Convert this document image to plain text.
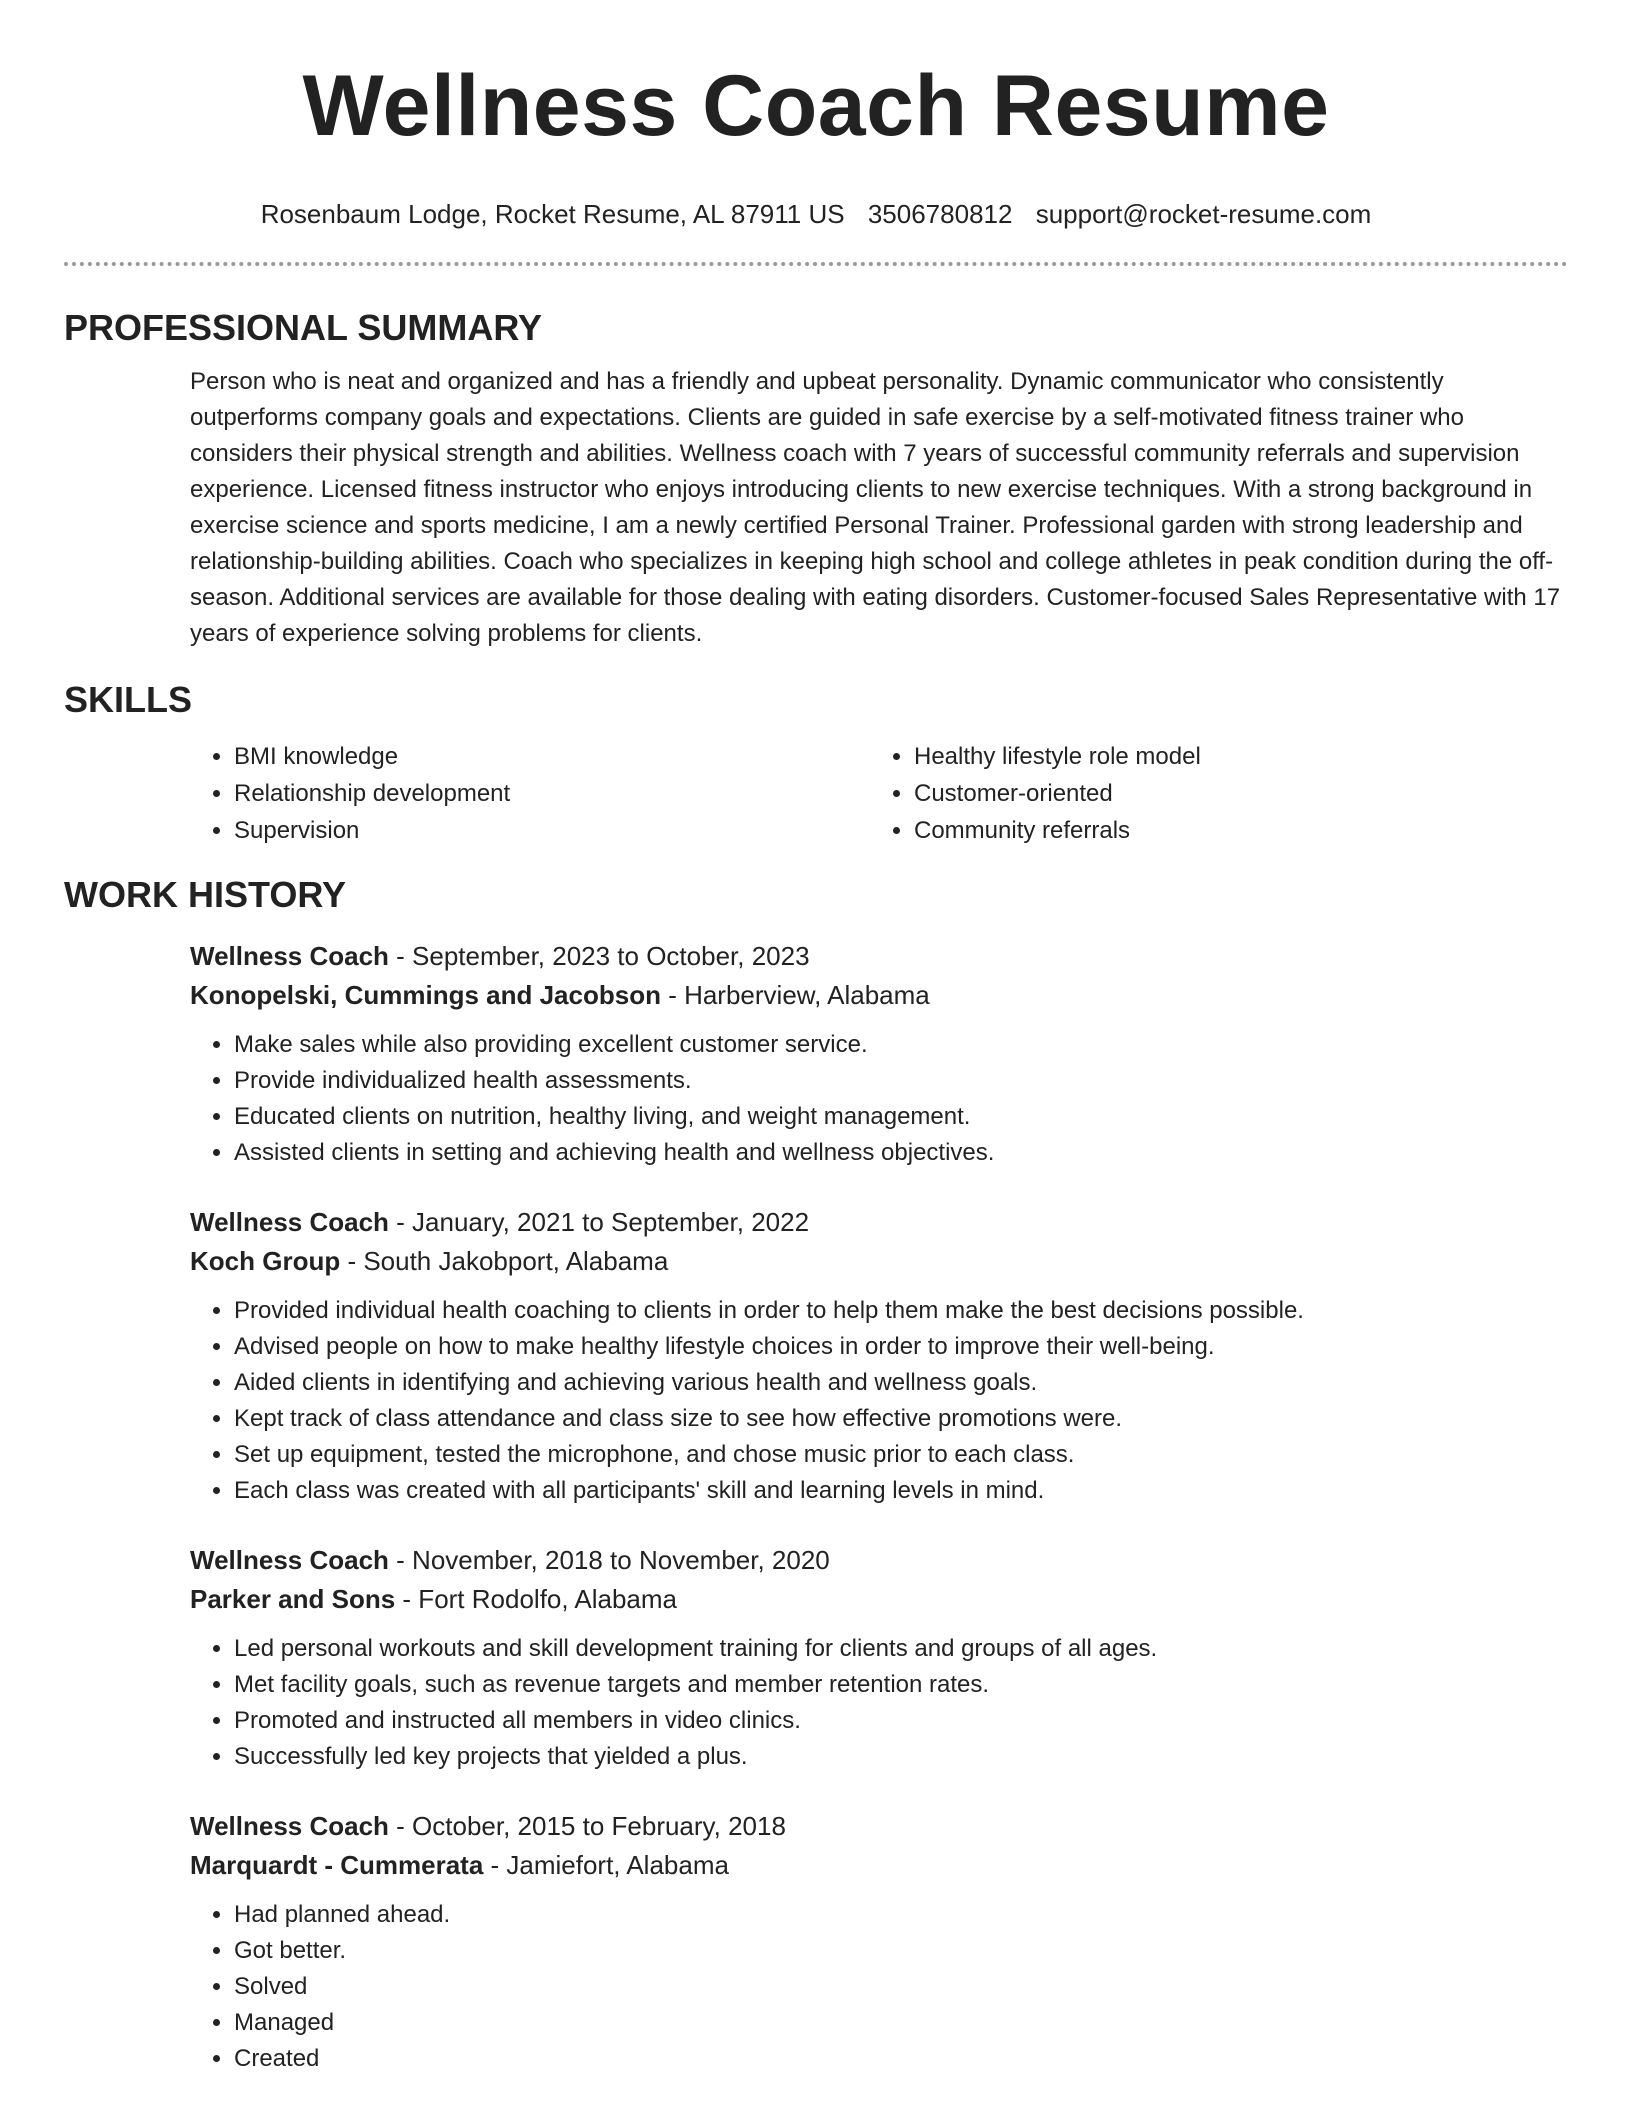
Wellness Coach Resume
Rosenbaum Lodge, Rocket Resume, AL 87911 US 3506780812 support@rocket-resume.com
PROFESSIONAL SUMMARY

Person who is neat and organized and has a friendly and upbeat personality. Dynamic communicator who consistently outperforms company goals and expectations. Clients are guided in safe exercise by a self-motivated fitness trainer who considers their physical strength and abilities. Wellness coach with 7 years of successful community referrals and supervision experience. Licensed fitness instructor who enjoys introducing clients to new exercise techniques. With a strong background in exercise science and sports medicine, I am a newly certified Personal Trainer. Professional garden with strong leadership and relationship-building abilities. Coach who specializes in keeping high school and college athletes in peak condition during the off-season. Additional services are available for those dealing with eating disorders. Customer-focused Sales Representative with 17 years of experience solving problems for clients.

SKILLS
• BMI knowledge
• Relationship development
• Supervision
• Healthy lifestyle role model
• Customer-oriented
• Community referrals
WORK HISTORY
Wellness Coach - September, 2023 to October, 2023
Konopelski, Cummings and Jacobson - Harberview, Alabama
• Make sales while also providing excellent customer service.
• Provide individualized health assessments.
• Educated clients on nutrition, healthy living, and weight management.
• Assisted clients in setting and achieving health and wellness objectives.
Wellness Coach - January, 2021 to September, 2022
Koch Group - South Jakobport, Alabama
• Provided individual health coaching to clients in order to help them make the best decisions possible.
• Advised people on how to make healthy lifestyle choices in order to improve their well-being.
• Aided clients in identifying and achieving various health and wellness goals.
• Kept track of class attendance and class size to see how effective promotions were.
• Set up equipment, tested the microphone, and chose music prior to each class.
• Each class was created with all participants' skill and learning levels in mind.
Wellness Coach - November, 2018 to November, 2020
Parker and Sons - Fort Rodolfo, Alabama
• Led personal workouts and skill development training for clients and groups of all ages.
• Met facility goals, such as revenue targets and member retention rates.
• Promoted and instructed all members in video clinics.
• Successfully led key projects that yielded a plus.
Wellness Coach - October, 2015 to February, 2018
Marquardt - Cummerata - Jamiefort, Alabama
• Had planned ahead.
• Got better.
• Solved
• Managed
• Created
